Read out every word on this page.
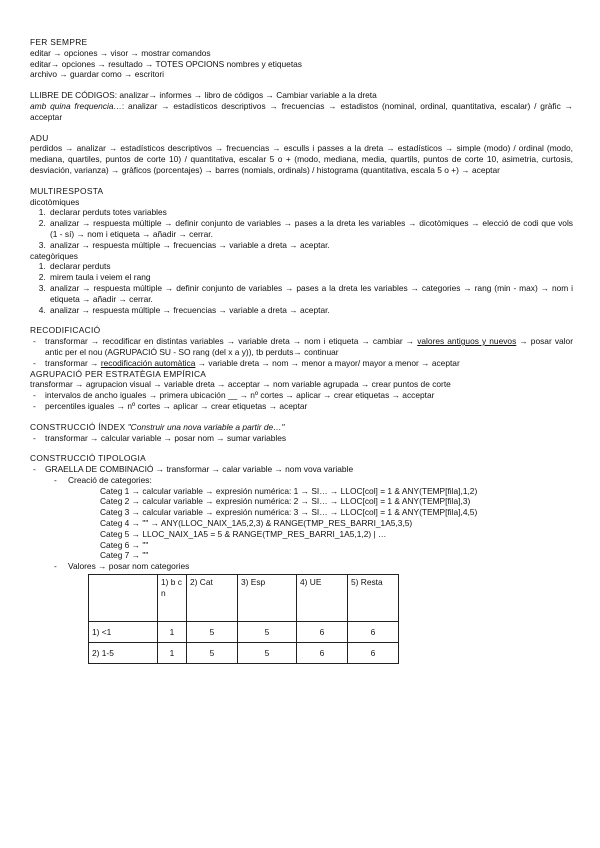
FER SEMPRE
editar → opciones → visor → mostrar comandos
editar→ opciones → resultado → TOTES OPCIONS nombres y etiquetas
archivo → guardar como → escritori
LLIBRE DE CÓDIGOS: analizar→ informes → libro de códigos → Cambiar variable a la dreta
amb quina frequencia…: analizar → estadísticos descriptivos → frecuencias → estadistos (nominal, ordinal, quantitativa, escalar) / gràfic → acceptar
ADU
perdidos → analizar → estadísticos descriptivos → frecuencias → esculls i passes a la dreta → estadísticos → simple (modo) / ordinal (modo, mediana, quartiles, puntos de corte 10) / quantitativa, escalar 5 o + (modo, mediana, media, quartils, puntos de corte 10, asimetria, curtosis, desviación, varianza) → gràficos (porcentajes) → barres (nomials, ordinals) / histograma (quantitativa, escala 5 o +) → aceptar
MULTIRESPOSTA
dicotòmiques
1. declarar perduts totes variables
2. analizar → respuesta múltiple → definir conjunto de variables → pases a la dreta les variables → dicotòmiques → elecció de codi que vols (1 - sí) → nom i etiqueta → añadir → cerrar.
3. analizar → respuesta múltiple → frecuencias → variable a dreta → aceptar.
categòriques
1. declarar perduts
2. mirem taula i veiem el rang
3. analizar → respuesta múltiple → definir conjunto de variables → pases a la dreta les variables → categories → rang (min - max) → nom i etiqueta → añadir → cerrar.
4. analizar → respuesta múltiple → frecuencias → variable a dreta → aceptar.
RECODIFICACIÓ
- transformar → recodificar en distintas variables → variable dreta → nom i etiqueta → cambiar → valores antiguos y nuevos → posar valor antic per el nou (AGRUPACIÓ SU - SO rang (del x a y)), tb perduts→ continuar
- transformar → recodificación automàtica → variable dreta → nom → menor a mayor/ mayor a menor → aceptar
AGRUPACIÓ PER ESTRATÈGIA EMPÍRICA
transformar → agrupacion visual → variable dreta → acceptar → nom variable agrupada → crear puntos de corte
- intervalos de ancho iguales → primera ubicación __ → nº cortes → aplicar → crear etiquetas → acceptar
- percentiles iguales → nº cortes → aplicar → crear etiquetas → aceptar
CONSTRUCCIÓ ÍNDEX "Construir una nova variable a partir de…"
- transformar → calcular variable → posar nom → sumar variables
CONSTRUCCIÓ TIPOLOGIA
- GRAELLA DE COMBINACIÓ → transformar → calar variable → nom vova variable
- Creació de categories:
Categ 1 → calcular variable → expresión numérica: 1 → SI… → LLOC[col] = 1 & ANY(TEMP[fila],1,2)
Categ 2 → calcular variable → expresión numérica: 2 → SI… → LLOC[col] = 1 & ANY(TEMP[fila],3)
Categ 3 → calcular variable → expresión numérica: 3 → SI… → LLOC[col] = 1 & ANY(TEMP[fila],4,5)
Categ 4 → "" → ANY(LLOC_NAIX_1A5,2,3) & RANGE(TMP_RES_BARRI_1A5,3,5)
Categ 5 → LLOC_NAIX_1A5 = 5 & RANGE(TMP_RES_BARRI_1A5,1,2) | …
Categ 6 → ""
Categ 7 → ""
- Valores → posar nom categories
	1) b c n	2) Cat	3) Esp	4) UE	5) Resta
1) <1	1	5	5	6	6
2) 1-5	1	5	5	6	6
